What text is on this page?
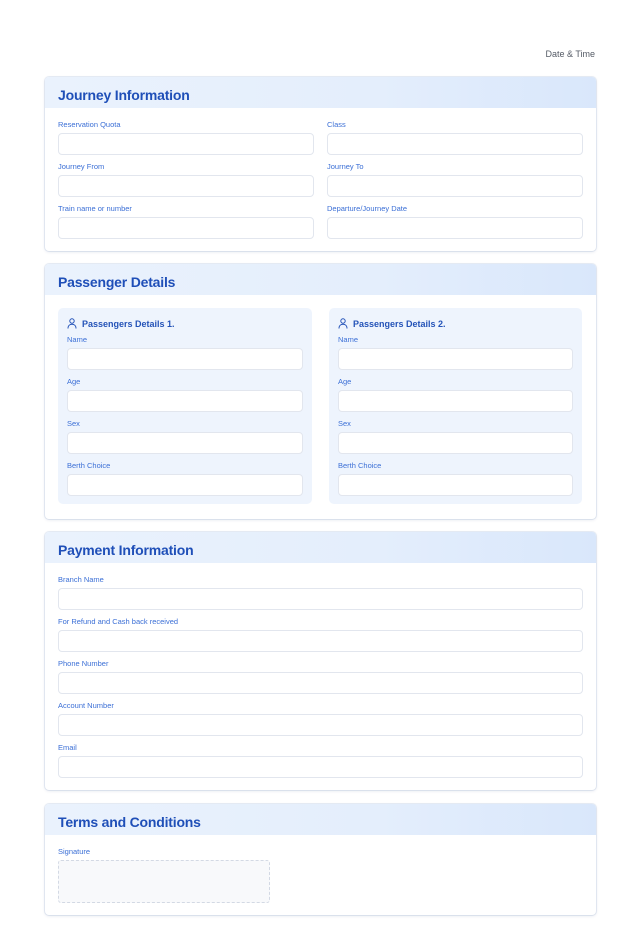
Date & Time
Journey Information
Reservation Quota	Class
Journey From	Journey To
Train name or number	Departure/Journey Date
Passenger Details
Passengers Details 1.
Name
Age
Sex
Berth Choice
Passengers Details 2.
Name
Age
Sex
Berth Choice
Payment Information
Branch Name
For Refund and Cash back received
Phone Number
Account Number
Email
Terms and Conditions
Signature
